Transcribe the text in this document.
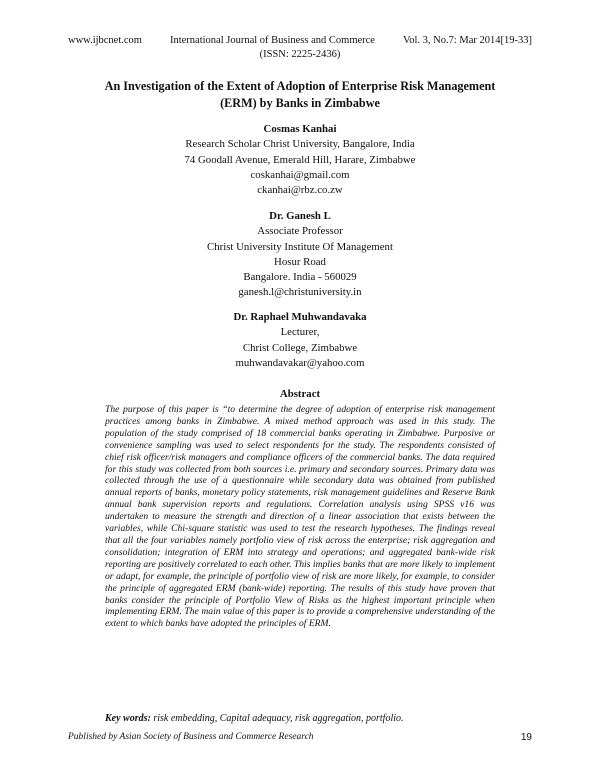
www.ijbcnet.com	International Journal of Business and Commerce	Vol. 3, No.7: Mar 2014[19-33]
(ISSN: 2225-2436)
An Investigation of the Extent of Adoption of Enterprise Risk Management
(ERM) by Banks in Zimbabwe
Cosmas Kanhai
Research Scholar Christ University, Bangalore, India
74 Goodall Avenue, Emerald Hill, Harare, Zimbabwe
coskanhai@gmail.com
ckanhai@rbz.co.zw
Dr. Ganesh L
Associate Professor
Christ University Institute Of Management
Hosur Road
Bangalore. India - 560029
ganesh.l@christuniversity.in
Dr. Raphael Muhwandavaka
Lecturer,
Christ College, Zimbabwe
muhwandavakar@yahoo.com
Abstract
The purpose of this paper is “to determine the degree of adoption of enterprise risk management practices among banks in Zimbabwe. A mixed method approach was used in this study. The population of the study comprised of 18 commercial banks operating in Zimbabwe. Purposive or convenience sampling was used to select respondents for the study. The respondents consisted of chief risk officer/risk managers and compliance officers of the commercial banks. The data required for this study was collected from both sources i.e. primary and secondary sources. Primary data was collected through the use of a questionnaire while secondary data was obtained from published annual reports of banks, monetary policy statements, risk management guidelines and Reserve Bank annual bank supervision reports and regulations. Correlation analysis using SPSS v16 was undertaken to measure the strength and direction of a linear association that exists between the variables, while Chi-square statistic was used to test the research hypotheses. The findings reveal that all the four variables namely portfolio view of risk across the enterprise; risk aggregation and consolidation; integration of ERM into strategy and operations; and aggregated bank-wide risk reporting are positively correlated to each other. This implies banks that are more likely to implement or adapt, for example, the principle of portfolio view of risk are more likely, for example, to consider the principle of aggregated ERM (bank-wide) reporting. The results of this study have proven that banks consider the principle of Portfolio View of Risks as the highest important principle when implementing ERM. The main value of this paper is to provide a comprehensive understanding of the extent to which banks have adopted the principles of ERM.
Key words: risk embedding, Capital adequacy, risk aggregation, portfolio.
Published by Asian Society of Business and Commerce Research	19
